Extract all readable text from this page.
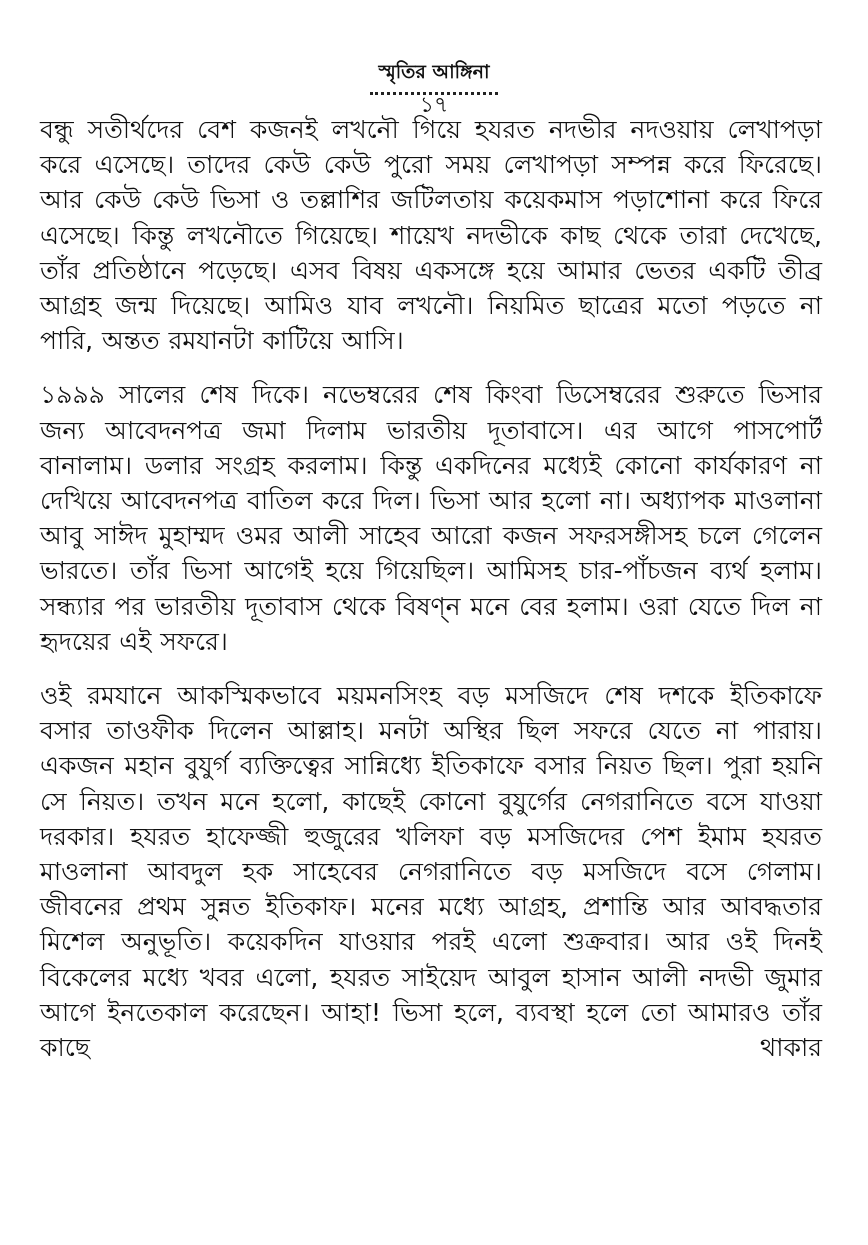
স্মৃতির আঙ্গিনা
১৭

বন্ধু সতীর্থদের বেশ কজনই লখনৌ গিয়ে হযরত নদভীর নদওয়ায় লেখাপড়া করে এসেছে। তাদের কেউ কেউ পুরো সময় লেখাপড়া সম্পন্ন করে ফিরেছে। আর কেউ কেউ ভিসা ও তল্লাশির জটিলতায় কয়েকমাস পড়াশোনা করে ফিরে এসেছে। কিন্তু লখনৌতে গিয়েছে। শায়েখ নদভীকে কাছ থেকে তারা দেখেছে, তাঁর প্রতিষ্ঠানে পড়েছে। এসব বিষয় একসঙ্গে হয়ে আমার ভেতর একটি তীব্র আগ্রহ জন্ম দিয়েছে। আমিও যাব লখনৌ। নিয়মিত ছাত্রের মতো পড়তে না পারি, অন্তত রমযানটা কাটিয়ে আসি।

১৯৯৯ সালের শেষ দিকে। নভেম্বরের শেষ কিংবা ডিসেম্বরের শুরুতে ভিসার জন্য আবেদনপত্র জমা দিলাম ভারতীয় দূতাবাসে। এর আগে পাসপোর্ট বানালাম। ডলার সংগ্রহ করলাম। কিন্তু একদিনের মধ্যেই কোনো কার্যকারণ না দেখিয়ে আবেদনপত্র বাতিল করে দিল। ভিসা আর হলো না। অধ্যাপক মাওলানা আবু সাঈদ মুহাম্মদ ওমর আলী সাহেব আরো কজন সফরসঙ্গীসহ চলে গেলেন ভারতে। তাঁর ভিসা আগেই হয়ে গিয়েছিল। আমিসহ চার-পাঁচজন ব্যর্থ হলাম। সন্ধ্যার পর ভারতীয় দূতাবাস থেকে বিষণ্ন মনে বের হলাম। ওরা যেতে দিল না হৃদয়ের এই সফরে।

ওই রমযানে আকস্মিকভাবে ময়মনসিংহ বড় মসজিদে শেষ দশকে ইতিকাফে বসার তাওফীক দিলেন আল্লাহ। মনটা অস্থির ছিল সফরে যেতে না পারায়। একজন মহান বুযুর্গ ব্যক্তিত্বের সান্নিধ্যে ইতিকাফে বসার নিয়ত ছিল। পুরা হয়নি সে নিয়ত। তখন মনে হলো, কাছেই কোনো বুযুর্গের নেগরানিতে বসে যাওয়া দরকার। হযরত হাফেজ্জী হুজুরের খলিফা বড় মসজিদের পেশ ইমাম হযরত মাওলানা আবদুল হক সাহেবের নেগরানিতে বড় মসজিদে বসে গেলাম। জীবনের প্রথম সুন্নত ইতিকাফ। মনের মধ্যে আগ্রহ, প্রশান্তি আর আবদ্ধতার মিশেল অনুভূতি। কয়েকদিন যাওয়ার পরই এলো শুক্রবার। আর ওই দিনই বিকেলের মধ্যে খবর এলো, হযরত সাইয়েদ আবুল হাসান আলী নদভী জুমার আগে ইনতেকাল করেছেন। আহা! ভিসা হলে, ব্যবস্থা হলে তো আমারও তাঁর কাছে থাকার
